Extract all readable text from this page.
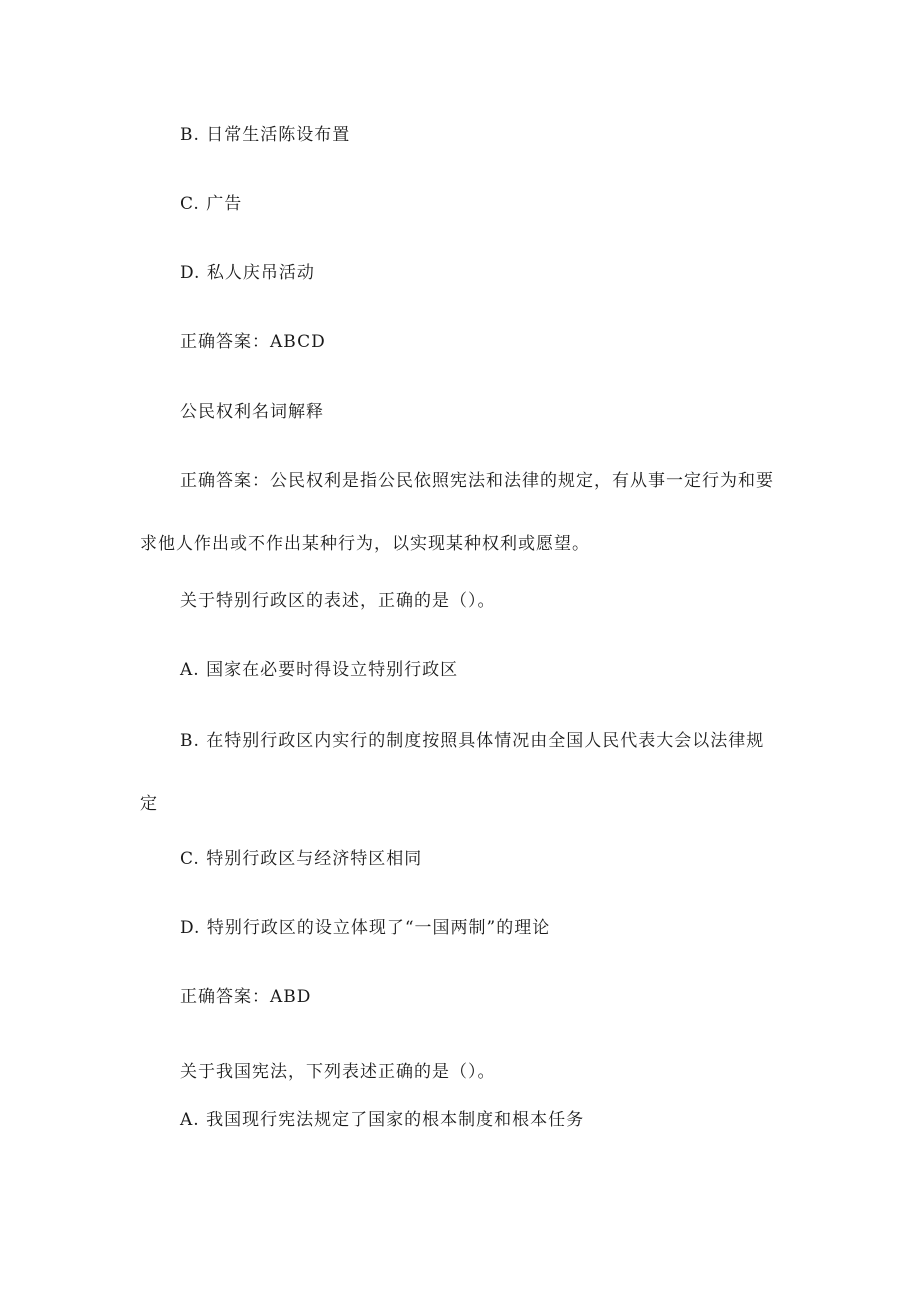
B. 日常生活陈设布置
C. 广告
D. 私人庆吊活动
正确答案：ABCD
公民权利名词解释

正确答案：公民权利是指公民依照宪法和法律的规定，有从事一定行为和要求他人作出或不作出某种行为，以实现某种权利或愿望。

关于特别行政区的表述，正确的是（）。
A. 国家在必要时得设立特别行政区

B. 在特别行政区内实行的制度按照具体情况由全国人民代表大会以法律规定

C. 特别行政区与经济特区相同
D. 特别行政区的设立体现了“一国两制”的理论
正确答案：ABD
关于我国宪法，下列表述正确的是（）。
A. 我国现行宪法规定了国家的根本制度和根本任务
